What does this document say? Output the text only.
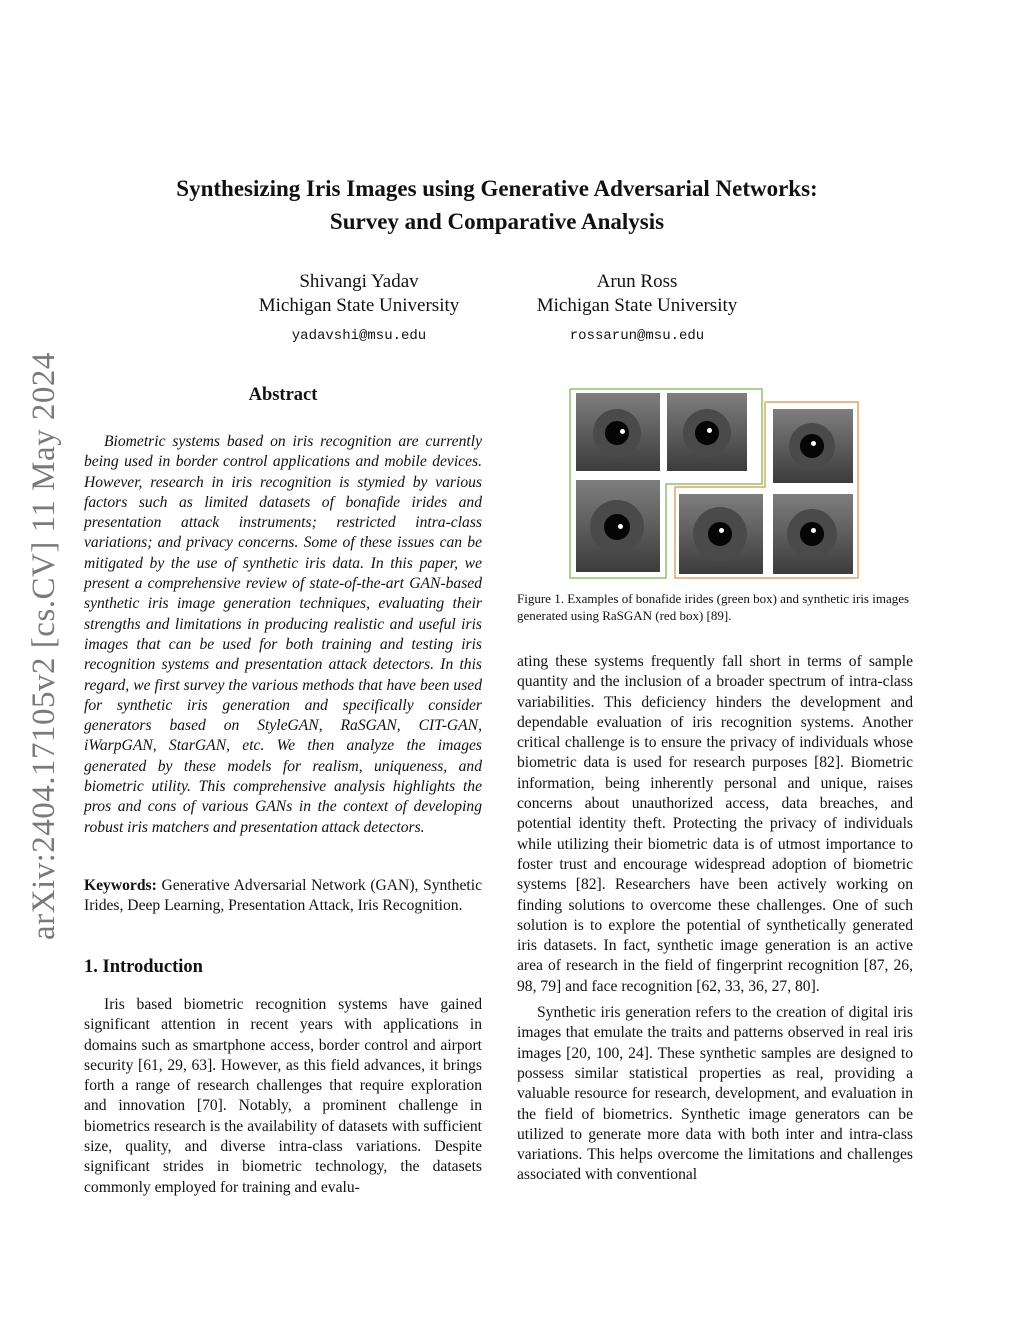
arXiv:2404.17105v2 [cs.CV] 11 May 2024
Synthesizing Iris Images using Generative Adversarial Networks:
Survey and Comparative Analysis
Shivangi Yadav
Michigan State University
yadavshi@msu.edu
Arun Ross
Michigan State University
rossarun@msu.edu
Abstract

Biometric systems based on iris recognition are currently being used in border control applications and mobile devices. However, research in iris recognition is stymied by various factors such as limited datasets of bonafide irides and presentation attack instruments; restricted intra-class variations; and privacy concerns. Some of these issues can be mitigated by the use of synthetic iris data. In this paper, we present a comprehensive review of state-of-the-art GAN-based synthetic iris image generation techniques, evaluating their strengths and limitations in producing realistic and useful iris images that can be used for both training and testing iris recognition systems and presentation attack detectors. In this regard, we first survey the various methods that have been used for synthetic iris generation and specifically consider generators based on StyleGAN, RaSGAN, CIT-GAN, iWarpGAN, StarGAN, etc. We then analyze the images generated by these models for realism, uniqueness, and biometric utility. This comprehensive analysis highlights the pros and cons of various GANs in the context of developing robust iris matchers and presentation attack detectors.

Keywords: Generative Adversarial Network (GAN), Synthetic Irides, Deep Learning, Presentation Attack, Iris Recognition.

1. Introduction

Iris based biometric recognition systems have gained significant attention in recent years with applications in domains such as smartphone access, border control and airport security [61, 29, 63]. However, as this field advances, it brings forth a range of research challenges that require exploration and innovation [70]. Notably, a prominent challenge in biometrics research is the availability of datasets with sufficient size, quality, and diverse intra-class variations. Despite significant strides in biometric technology, the datasets commonly employed for training and evalu-

Figure 1. Examples of bonafide irides (green box) and synthetic iris images generated using RaSGAN (red box) [89].

ating these systems frequently fall short in terms of sample quantity and the inclusion of a broader spectrum of intra-class variabilities. This deficiency hinders the development and dependable evaluation of iris recognition systems. Another critical challenge is to ensure the privacy of individuals whose biometric data is used for research purposes [82]. Biometric information, being inherently personal and unique, raises concerns about unauthorized access, data breaches, and potential identity theft. Protecting the privacy of individuals while utilizing their biometric data is of utmost importance to foster trust and encourage widespread adoption of biometric systems [82]. Researchers have been actively working on finding solutions to overcome these challenges. One of such solution is to explore the potential of synthetically generated iris datasets. In fact, synthetic image generation is an active area of research in the field of fingerprint recognition [87, 26, 98, 79] and face recognition [62, 33, 36, 27, 80].

Synthetic iris generation refers to the creation of digital iris images that emulate the traits and patterns observed in real iris images [20, 100, 24]. These synthetic samples are designed to possess similar statistical properties as real, providing a valuable resource for research, development, and evaluation in the field of biometrics. Synthetic image generators can be utilized to generate more data with both inter and intra-class variations. This helps overcome the limitations and challenges associated with conventional
